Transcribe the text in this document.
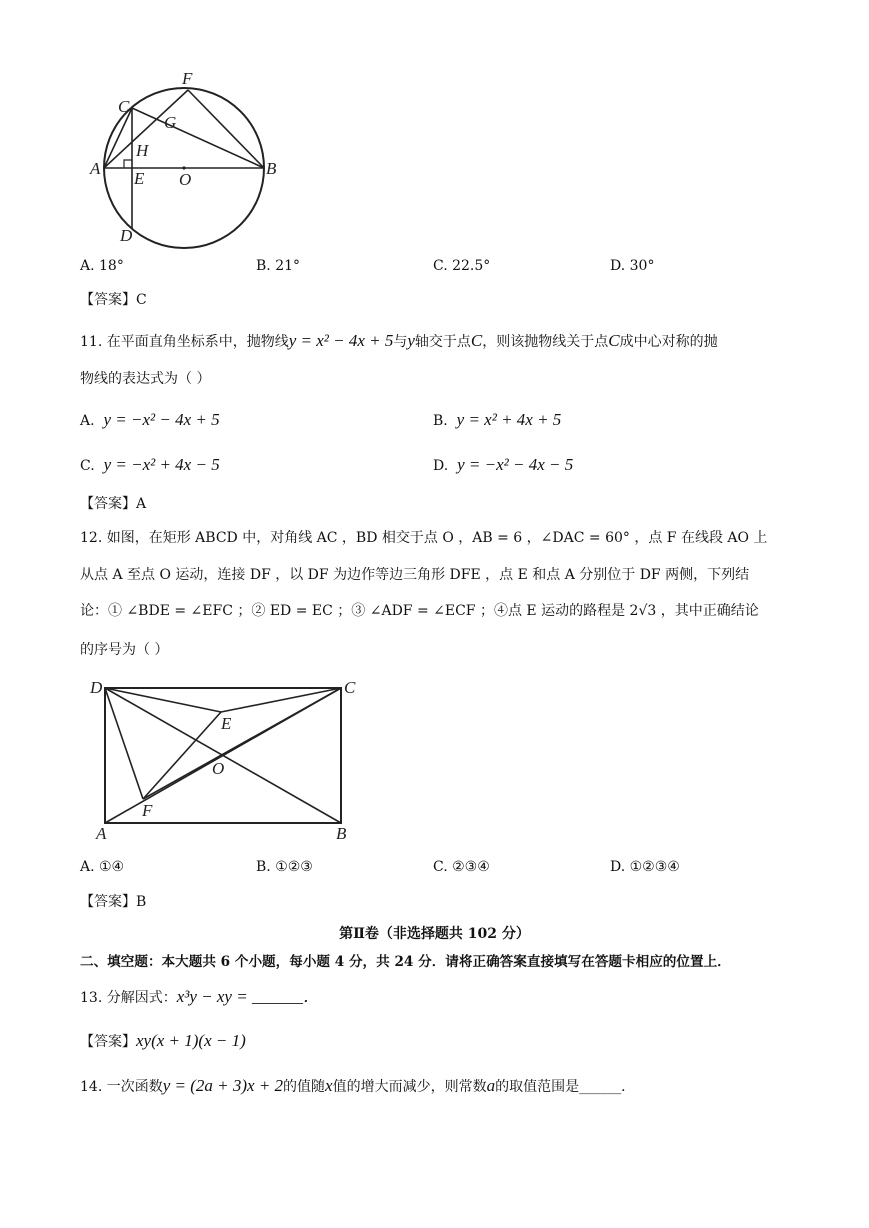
A	B
C
D
E
F
G
H
O
A. 18°	B. 21°	C. 22.5°	D. 30°
【答案】C
11. 在平面直角坐标系中，抛物线y = x² − 4x + 5与y轴交于点C，则该抛物线关于点C成中心对称的抛
物线的表达式为（ ）
A. y = −x² − 4x + 5	B. y = x² + 4x + 5
C. y = −x² + 4x − 5	D. y = −x² − 4x − 5
【答案】A
12. 如图，在矩形 ABCD 中，对角线 AC ，BD 相交于点 O ，AB = 6 ，∠DAC = 60° ，点 F 在线段 AO 上
从点 A 至点 O 运动，连接 DF ，以 DF 为边作等边三角形 DFE ，点 E 和点 A 分别位于 DF 两侧，下列结
论：① ∠BDE = ∠EFC ；② ED = EC ；③ ∠ADF = ∠ECF ；④点 E 运动的路程是 2√3 ，其中正确结论
的序号为（ ）
D	C
A	B
E
F
O
A. ①④	B. ①②③	C. ②③④	D. ①②③④
【答案】B
第Ⅱ卷（非选择题共 102 分）
二、填空题：本大题共 6 个小题，每小题 4 分，共 24 分．请将正确答案直接填写在答题卡相应的位置上．
13. 分解因式：x³y − xy = ______．
【答案】xy(x + 1)(x − 1)
14. 一次函数y = (2a + 3)x + 2的值随x值的增大而减少，则常数a的取值范围是______．
